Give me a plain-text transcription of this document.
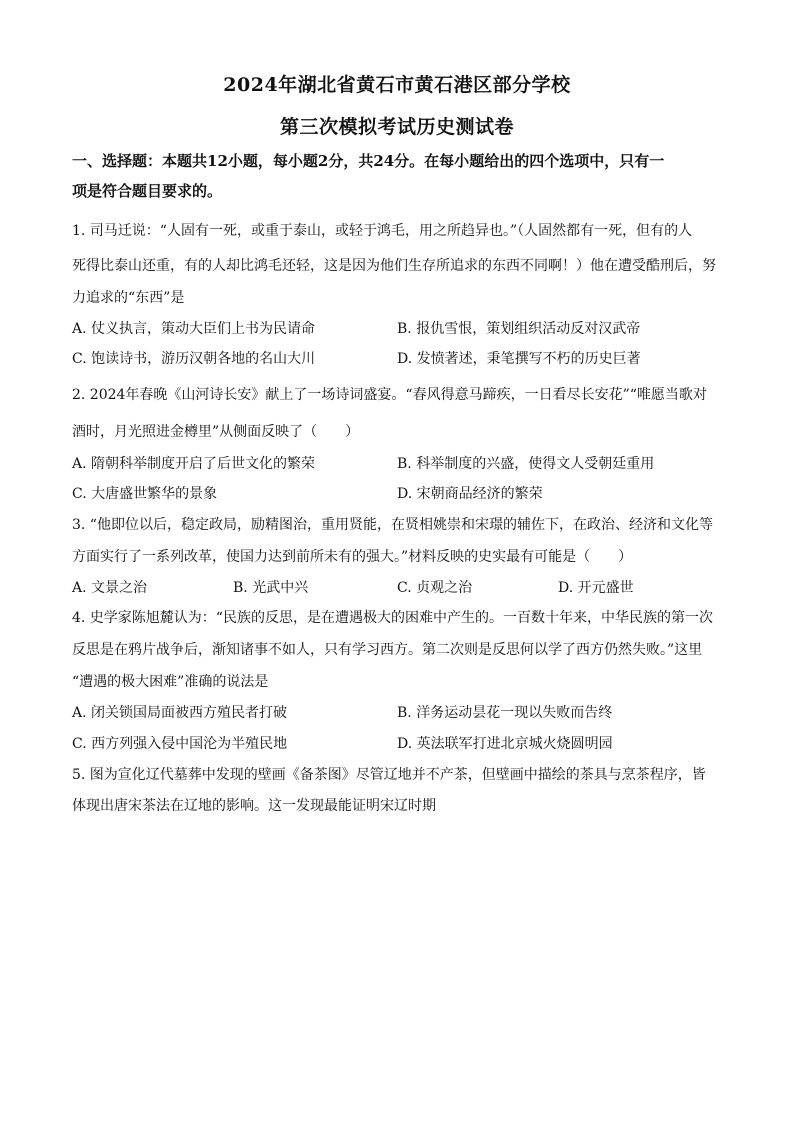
2024年湖北省黄石市黄石港区部分学校
第三次模拟考试历史测试卷
一、选择题：本题共12小题，每小题2分，共24分。在每小题给出的四个选项中，只有一
项是符合题目要求的。
1. 司马迁说：“人固有一死，或重于泰山，或轻于鸿毛，用之所趋异也。”（人固然都有一死，但有的人
死得比泰山还重，有的人却比鸿毛还轻，这是因为他们生存所追求的东西不同啊！）他在遭受酷刑后，努
力追求的“东西”是
A. 仗义执言，策动大臣们上书为民请命	B. 报仇雪恨，策划组织活动反对汉武帝
C. 饱读诗书，游历汉朝各地的名山大川	D. 发愤著述，秉笔撰写不朽的历史巨著
2. 2024年春晚《山河诗长安》献上了一场诗词盛宴。“春风得意马蹄疾，一日看尽长安花”“唯愿当歌对
酒时，月光照进金樽里”从侧面反映了（　　）
A. 隋朝科举制度开启了后世文化的繁荣	B. 科举制度的兴盛，使得文人受朝廷重用
C. 大唐盛世繁华的景象	D. 宋朝商品经济的繁荣
3. “他即位以后，稳定政局，励精图治，重用贤能，在贤相姚崇和宋璟的辅佐下，在政治、经济和文化等
方面实行了一系列改革，使国力达到前所未有的强大。”材料反映的史实最有可能是（　　）
A. 文景之治	B. 光武中兴	C. 贞观之治	D. 开元盛世
4. 史学家陈旭麓认为：“民族的反思，是在遭遇极大的困难中产生的。一百数十年来，中华民族的第一次
反思是在鸦片战争后，渐知诸事不如人，只有学习西方。第二次则是反思何以学了西方仍然失败。”这里
“遭遇的极大困难”准确的说法是
A. 闭关锁国局面被西方殖民者打破	B. 洋务运动昙花一现以失败而告终
C. 西方列强入侵中国沦为半殖民地	D. 英法联军打进北京城火烧圆明园
5. 图为宣化辽代墓葬中发现的壁画《备茶图》尽管辽地并不产茶，但壁画中描绘的茶具与烹茶程序，皆
体现出唐宋茶法在辽地的影响。这一发现最能证明宋辽时期
